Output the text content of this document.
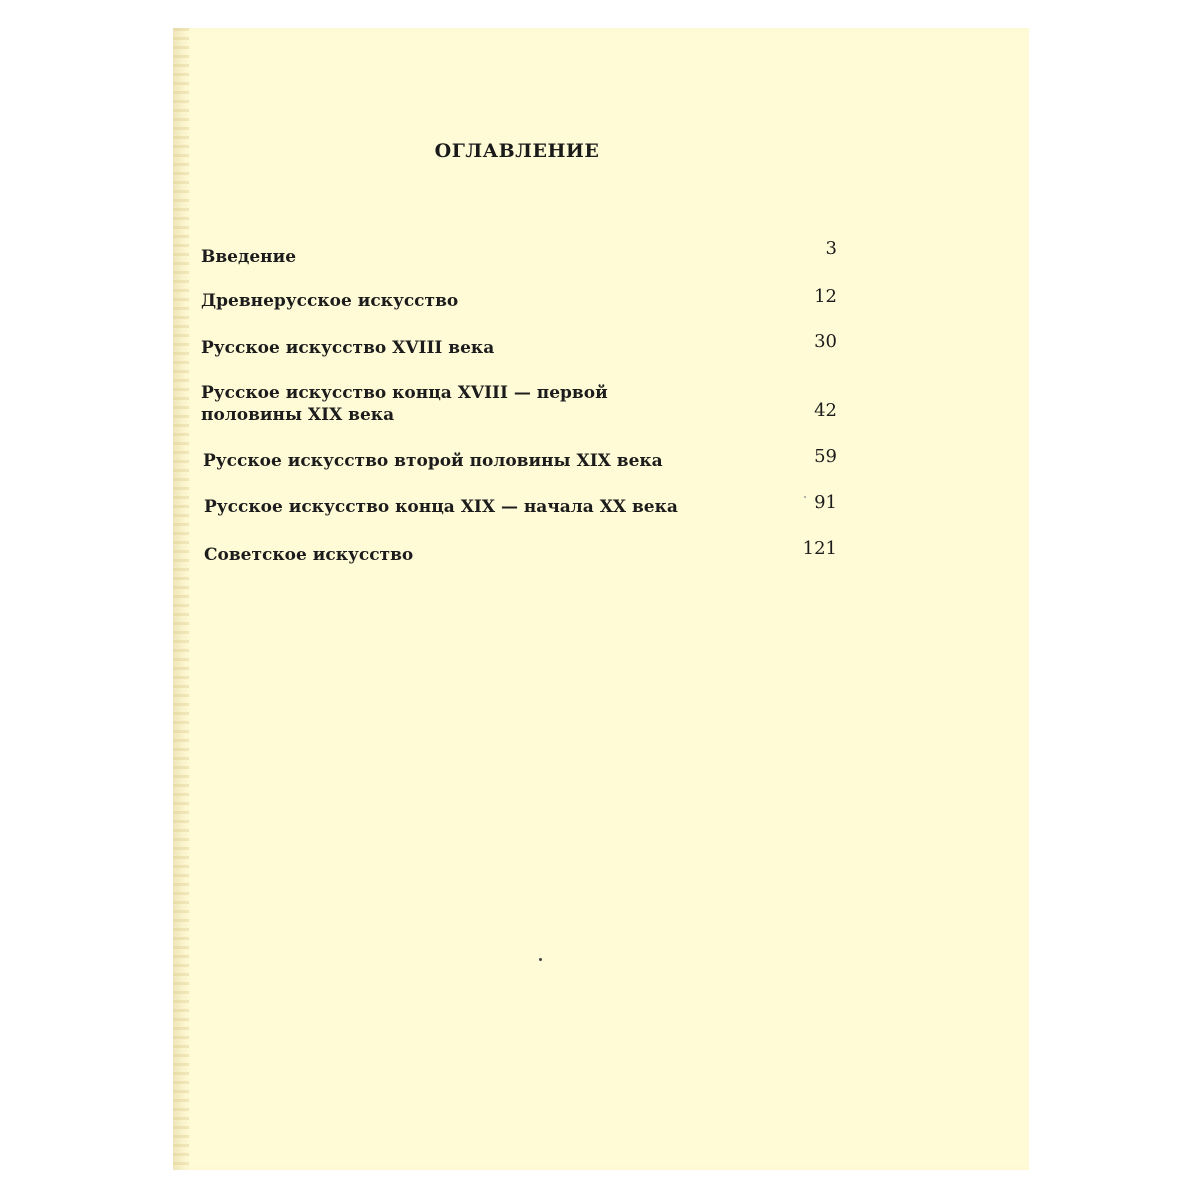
ОГЛАВЛЕНИЕ
Введение	3
Древнерусское искусство	12
Русское искусство XVIII века	30
Русское искусство конца XVIII — первой
половины XIX века	42
Русское искусство второй половины XIX века	59
Русское искусство конца XIX — начала XX века	91
Советское искусство	121
